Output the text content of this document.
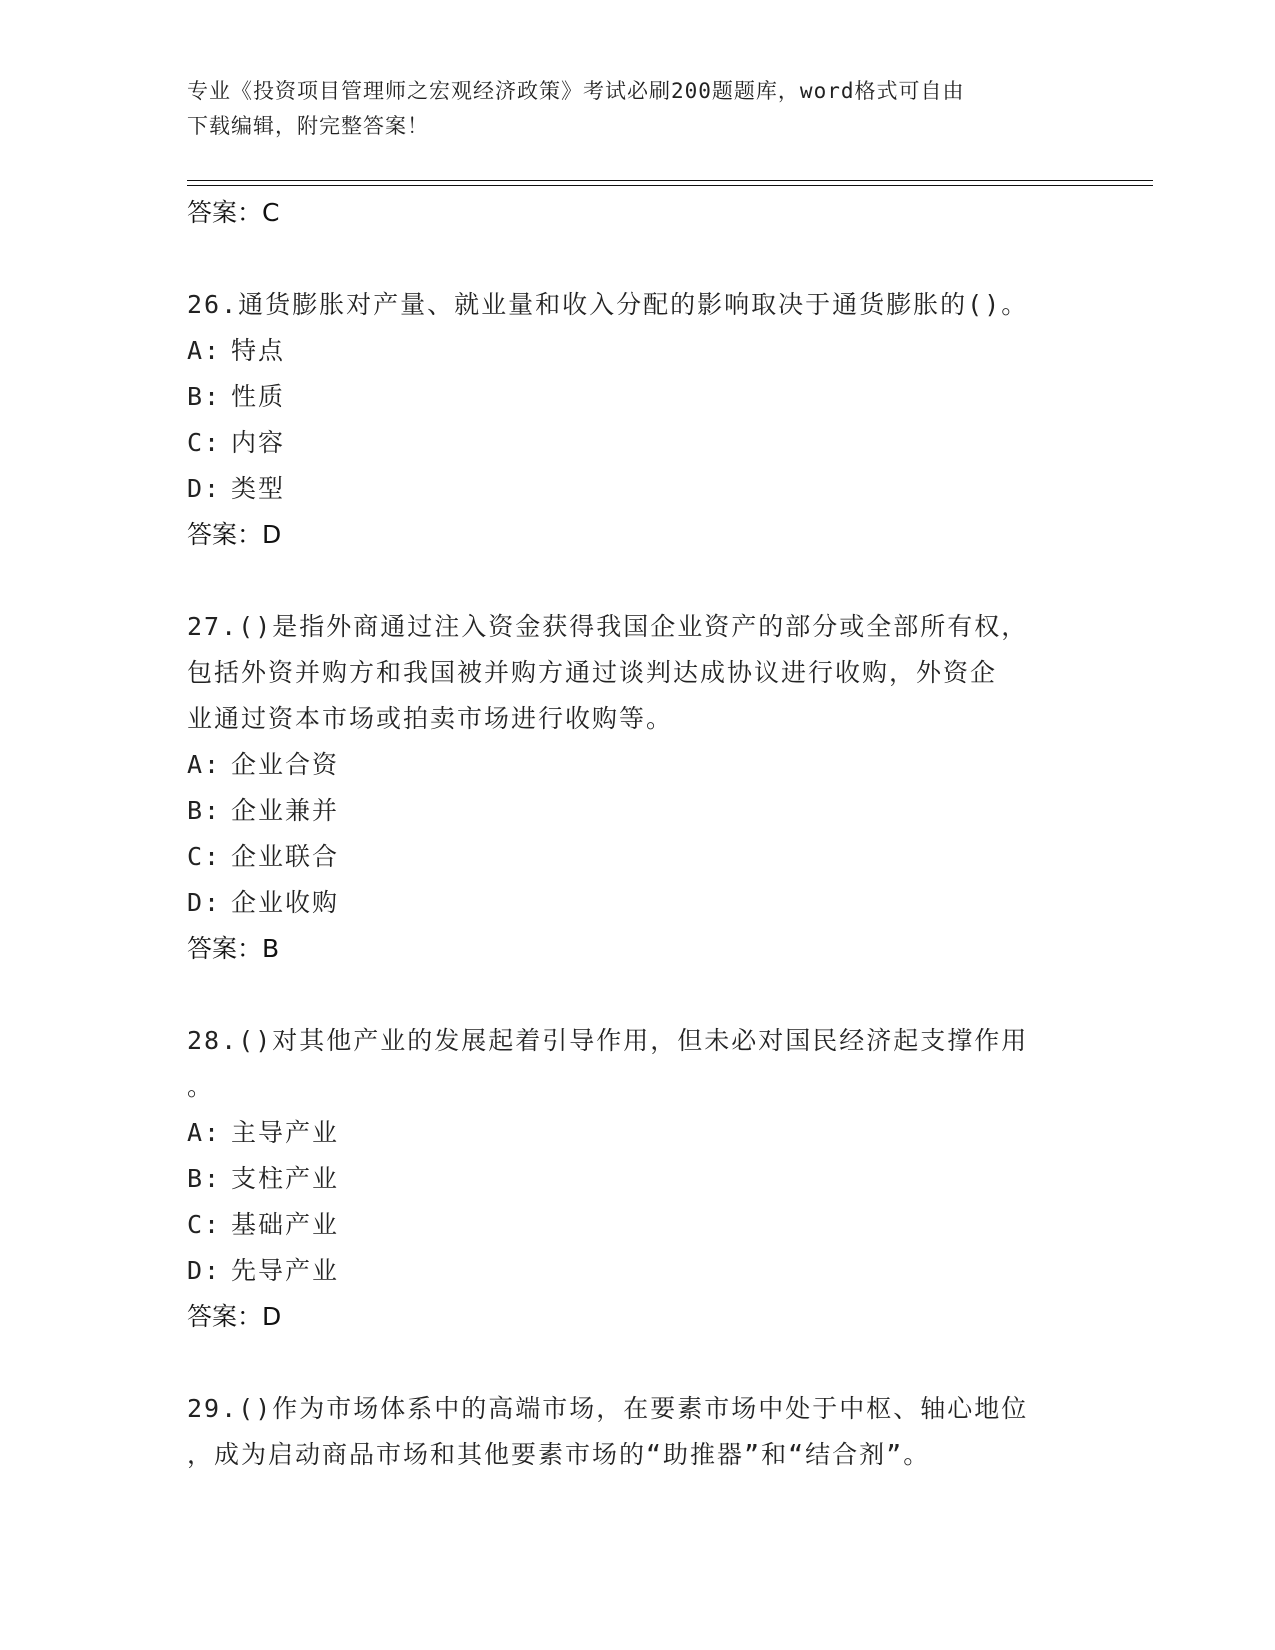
专业《投资项目管理师之宏观经济政策》考试必刷200题题库，word格式可自由
下载编辑，附完整答案！
答案：C
26.通货膨胀对产量、就业量和收入分配的影响取决于通货膨胀的()。
A: 特点
B: 性质
C: 内容
D: 类型
答案：D
27.()是指外商通过注入资金获得我国企业资产的部分或全部所有权，
包括外资并购方和我国被并购方通过谈判达成协议进行收购，外资企
业通过资本市场或拍卖市场进行收购等。
A: 企业合资
B: 企业兼并
C: 企业联合
D: 企业收购
答案：B
28.()对其他产业的发展起着引导作用，但未必对国民经济起支撑作用
。
A: 主导产业
B: 支柱产业
C: 基础产业
D: 先导产业
答案：D
29.()作为市场体系中的高端市场，在要素市场中处于中枢、轴心地位
，成为启动商品市场和其他要素市场的“助推器”和“结合剂”。
